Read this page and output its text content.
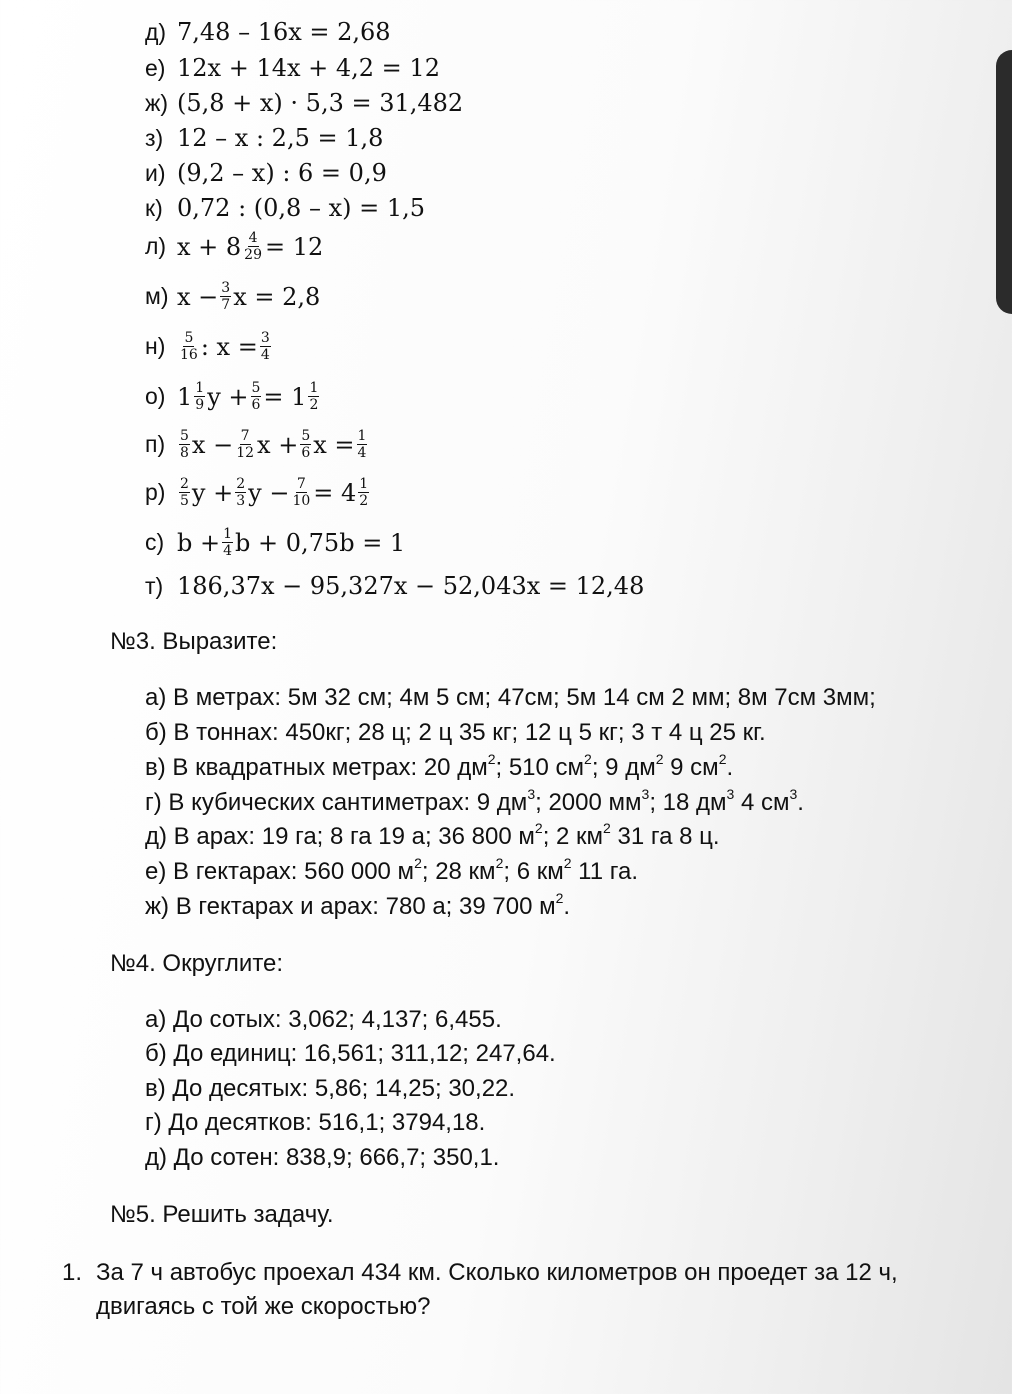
д) 7,48 – 16x = 2,68
е) 12x + 14x + 4,2 = 12
ж) (5,8 + x) · 5,3 = 31,482
з) 12 – x : 2,5 = 1,8
и) (9,2 – x) : 6 = 0,9
к) 0,72 : (0,8 – x) = 1,5
л) $x + 8 \frac{4}{29} = 12$
м) $x - \frac{3}{7}$ x = 2,8
$н) \frac{5}{16}$ : $x = \frac{3}{4}$
о) $1 \frac{1}{9}$ $y + \frac{5}{6} = 1 \frac{1}{2}$
$п) \frac{5}{8}$ $x - \frac{7}{12}$ $x + \frac{5}{6}$ $x = \frac{1}{4}$
$р) \frac{2}{5}$ $y + \frac{2}{3}$ $y - \frac{7}{10} = 4 \frac{1}{2}$
с) $b + \frac{1}{4}$ b + 0,75b = 1
т) 186,37x − 95,327x − 52,043x = 12,48
№3. Выразите:
а) В метрах: 5м 32 см; 4м 5 см; 47см; 5м 14 см 2 мм; 8м 7см 3мм;
б) В тоннах: 450кг; 28 ц; 2 ц 35 кг; 12 ц 5 кг; 3 т 4 ц 25 кг.
в) В квадратных метрах: 20 $дм^2$; 510 $см^2$; 9 $дм^2$ 9 $см^2$.
г) В кубических сантиметрах: 9 $дм^3$; 2000 $мм^3$; 18 $дм^3$ 4 $см^3$.
д) В арах: 19 га; 8 га 19 а; 36 800 $м^2$; 2 $км^2$ 31 га 8 ц.
е) В гектарах: 560 000 $м^2$; 28 $км^2$; 6 $км^2$ 11 га.
ж) В гектарах и арах: 780 а; 39 700 $м^2$.
№4. Округлите:
а) До сотых: 3,062; 4,137; 6,455.
б) До единиц: 16,561; 311,12; 247,64.
в) До десятых: 5,86; 14,25; 30,22.
г) До десятков: 516,1; 3794,18.
д) До сотен: 838,9; 666,7; 350,1.
№5. Решить задачу.
1. За 7 ч автобус проехал 434 км. Сколько километров он проедет за 12 ч,
двигаясь с той же скоростью?
